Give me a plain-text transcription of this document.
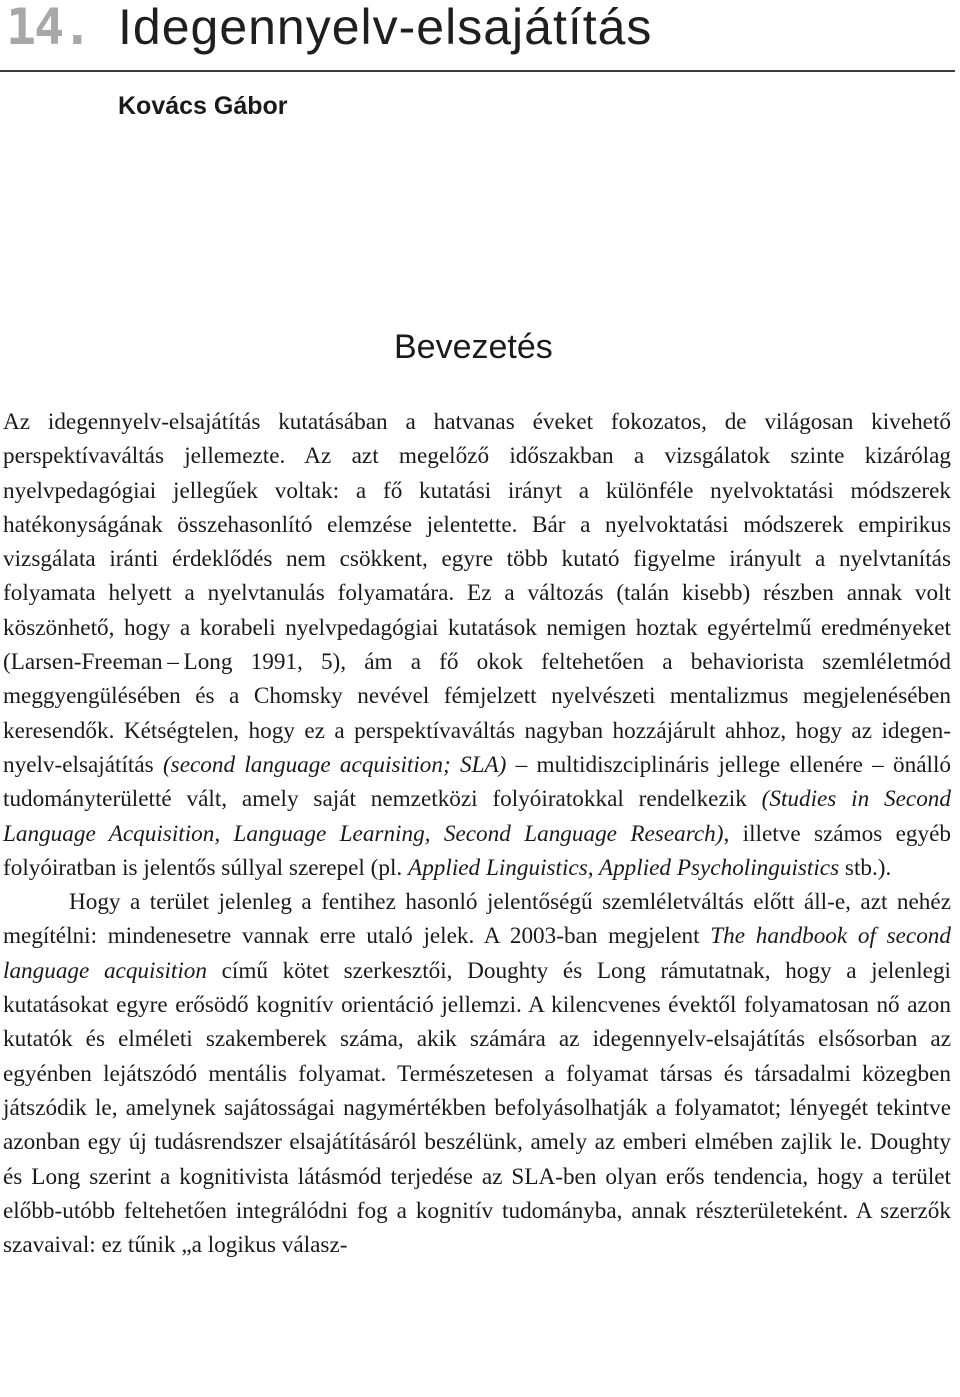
14. Idegennyelv-elsajátítás
Kovács Gábor
Bevezetés

Az idegennyelv-elsajátítás kutatásában a hatvanas éveket fokozatos, de világosan kivehető perspektívaváltás jellemezte. Az azt megelőző időszakban a vizsgálatok szinte kizárólag nyelvpedagógiai jellegűek voltak: a fő kutatási irányt a különféle nyelvoktatási módszerek hatékonyságának összehasonlító elemzése jelentette. Bár a nyelvoktatási módszerek empirikus vizsgálata iránti érdeklődés nem csökkent, egyre több kutató figyelme irányult a nyelvtanítás folyamata helyett a nyelvtanulás folyamatára. Ez a változás (talán kisebb) részben annak volt köszönhető, hogy a korabeli nyelvpedagógiai kutatások nemigen hoztak egyértelmű eredményeket (Larsen-Freeman – Long 1991, 5), ám a fő okok feltehetően a behaviorista szemléletmód meggyengülésében és a Chomsky nevével fémjelzett nyelvészeti mentalizmus megjelenésében keresendők. Kétségtelen, hogy ez a perspektívaváltás nagyban hozzájárult ahhoz, hogy az idegennyelv-elsajátítás (second language acquisition; SLA) – multidiszciplináris jellege ellenére – önálló tudományterületté vált, amely saját nemzetközi folyóiratokkal rendelkezik (Studies in Second Language Acquisition, Language Learning, Second Language Research), illetve számos egyéb folyóiratban is jelentős súllyal szerepel (pl. Applied Linguistics, Applied Psycholinguistics stb.).

Hogy a terület jelenleg a fentihez hasonló jelentőségű szemléletváltás előtt áll-e, azt nehéz megítélni: mindenesetre vannak erre utaló jelek. A 2003-ban megjelent The handbook of second language acquisition című kötet szerkesztői, Doughty és Long rámutatnak, hogy a jelenlegi kutatásokat egyre erősödő kognitív orientáció jellemzi. A kilencvenes évektől folyamatosan nő azon kutatók és elméleti szakemberek száma, akik számára az idegennyelv-elsajátítás elsősorban az egyénben lejátszódó mentális folyamat. Természetesen a folyamat társas és társadalmi közegben játszódik le, amelynek sajátosságai nagymértékben befolyásolhatják a folyamatot; lényegét tekintve azonban egy új tudásrendszer elsajátításáról beszélünk, amely az emberi elmében zajlik le. Doughty és Long szerint a kognitivista látásmód terjedése az SLA-ben olyan erős tendencia, hogy a terület előbb-utóbb feltehetően integrálódni fog a kognitív tudományba, annak részterületeként. A szerzők szavaival: ez tűnik „a logikus válasz-
